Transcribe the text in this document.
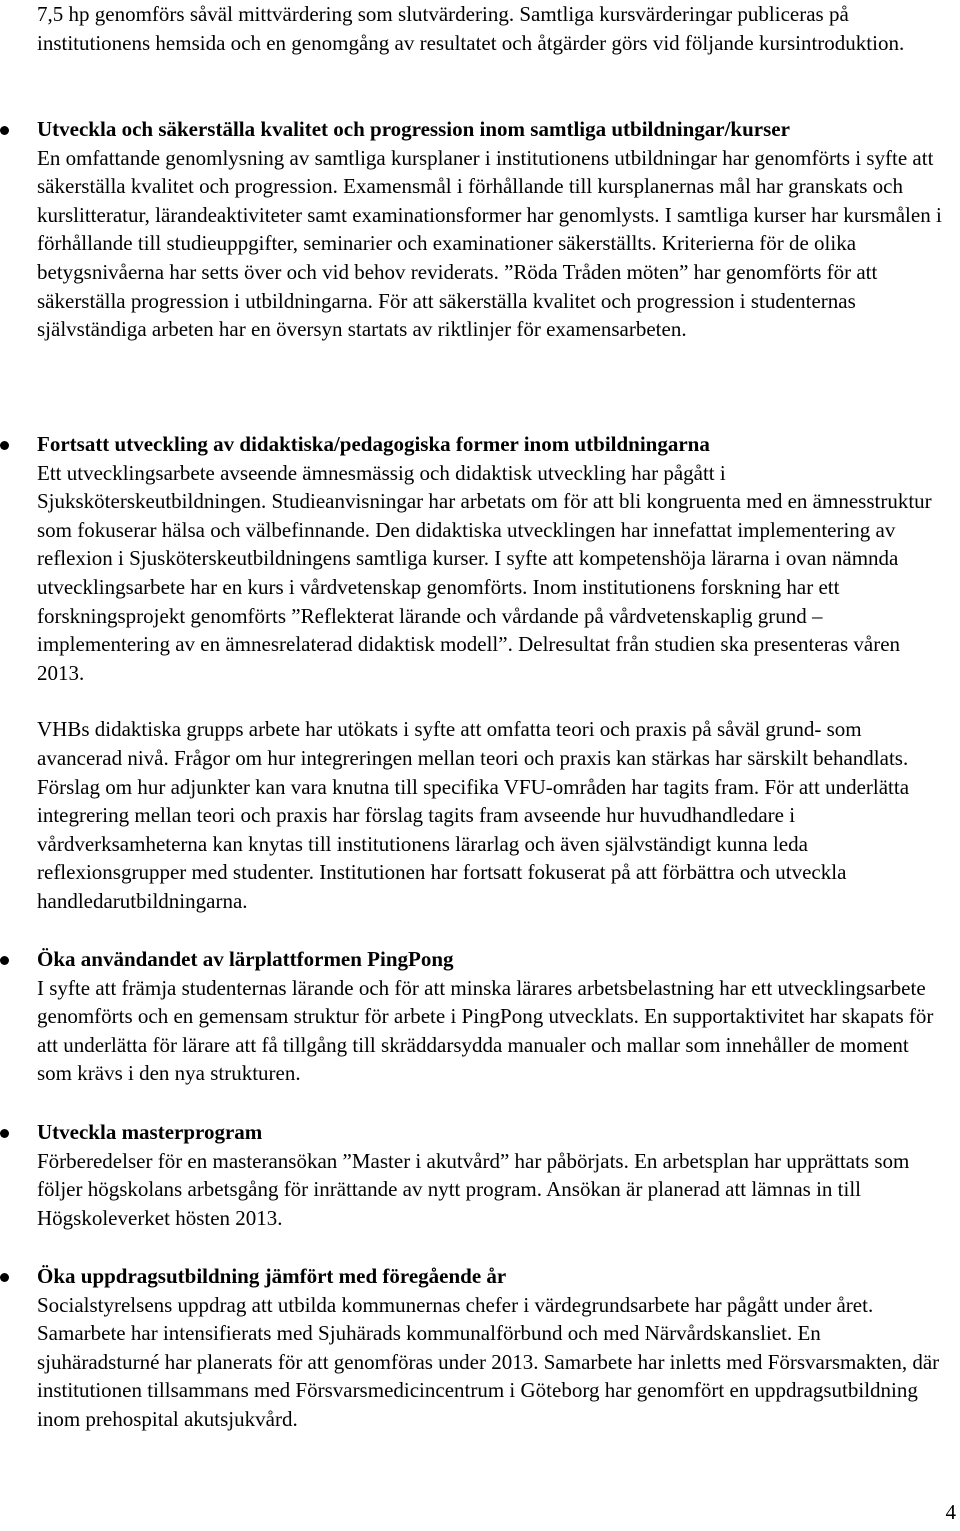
7,5 hp genomförs såväl mittvärdering som slutvärdering. Samtliga kursvärderingar publiceras på institutionens hemsida och en genomgång av resultatet och åtgärder görs vid följande kursintroduktion.

Utveckla och säkerställa kvalitet och progression inom samtliga utbildningar/kurser

En omfattande genomlysning av samtliga kursplaner i institutionens utbildningar har genomförts i syfte att säkerställa kvalitet och progression. Examensmål i förhållande till kursplanernas mål har granskats och kurslitteratur, lärandeaktiviteter samt examinationsformer har genomlysts. I samtliga kurser har kursmålen i förhållande till studieuppgifter, seminarier och examinationer säkerställts. Kriterierna för de olika betygsnivåerna har setts över och vid behov reviderats. ”Röda Tråden möten” har genomförts för att säkerställa progression i utbildningarna. För att säkerställa kvalitet och progression i studenternas självständiga arbeten har en översyn startats av riktlinjer för examensarbeten.

Fortsatt utveckling av didaktiska/pedagogiska former inom utbildningarna

Ett utvecklingsarbete avseende ämnesmässig och didaktisk utveckling har pågått i Sjuksköterskeutbildningen. Studieanvisningar har arbetats om för att bli kongruenta med en ämnesstruktur som fokuserar hälsa och välbefinnande. Den didaktiska utvecklingen har innefattat implementering av reflexion i Sjusköterskeutbildningens samtliga kurser. I syfte att kompetenshöja lärarna i ovan nämnda utvecklingsarbete har en kurs i vårdvetenskap genomförts. Inom institutionens forskning har ett forskningsprojekt genomförts ”Reflekterat lärande och vårdande på vårdvetenskaplig grund – implementering av en ämnesrelaterad didaktisk modell”. Delresultat från studien ska presenteras våren 2013.

VHBs didaktiska grupps arbete har utökats i syfte att omfatta teori och praxis på såväl grund- som avancerad nivå. Frågor om hur integreringen mellan teori och praxis kan stärkas har särskilt behandlats. Förslag om hur adjunkter kan vara knutna till specifika VFU-områden har tagits fram. För att underlätta integrering mellan teori och praxis har förslag tagits fram avseende hur huvudhandledare i vårdverksamheterna kan knytas till institutionens lärarlag och även självständigt kunna leda reflexionsgrupper med studenter. Institutionen har fortsatt fokuserat på att förbättra och utveckla handledarutbildningarna.

Öka användandet av lärplattformen PingPong

I syfte att främja studenternas lärande och för att minska lärares arbetsbelastning har ett utvecklingsarbete genomförts och en gemensam struktur för arbete i PingPong utvecklats. En supportaktivitet har skapats för att underlätta för lärare att få tillgång till skräddarsydda manualer och mallar som innehåller de moment som krävs i den nya strukturen.

Utveckla masterprogram

Förberedelser för en masteransökan ”Master i akutvård” har påbörjats. En arbetsplan har upprättats som följer högskolans arbetsgång för inrättande av nytt program. Ansökan är planerad att lämnas in till Högskoleverket hösten 2013.

Öka uppdragsutbildning jämfört med föregående år

Socialstyrelsens uppdrag att utbilda kommunernas chefer i värdegrundsarbete har pågått under året. Samarbete har intensifierats med Sjuhärads kommunalförbund och med Närvårdskansliet. En sjuhäradsturné har planerats för att genomföras under 2013. Samarbete har inletts med Försvarsmakten, där institutionen tillsammans med Försvarsmedicincentrum i Göteborg har genomfört en uppdragsutbildning inom prehospital akutsjukvård.

4
